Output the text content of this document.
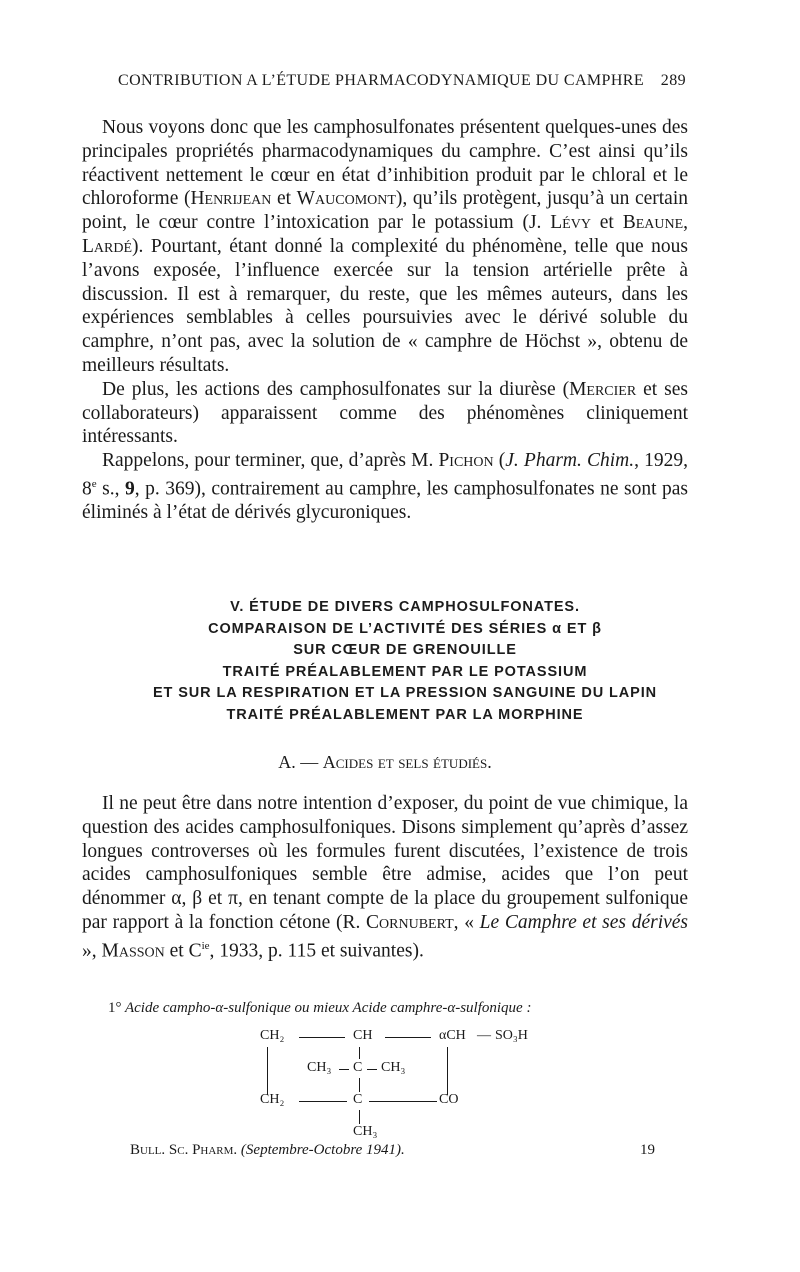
CONTRIBUTION A L’ÉTUDE PHARMACODYNAMIQUE DU CAMPHRE 289

Nous voyons donc que les camphosulfonates présentent quelques-unes des principales propriétés pharmacodynamiques du camphre. C’est ainsi qu’ils réactivent nettement le cœur en état d’inhibition produit par le chloral et le chloroforme (Henrijean et Waucomont), qu’ils protègent, jusqu’à un certain point, le cœur contre l’intoxication par le potassium (J. Lévy et Beaune, Lardé). Pourtant, étant donné la complexité du phénomène, telle que nous l’avons exposée, l’influence exercée sur la tension artérielle prête à discussion. Il est à remarquer, du reste, que les mêmes auteurs, dans les expériences semblables à celles poursuivies avec le dérivé soluble du camphre, n’ont pas, avec la solution de « camphre de Höchst », obtenu de meilleurs résultats.

De plus, les actions des camphosulfonates sur la diurèse (Mercier et ses collaborateurs) apparaissent comme des phénomènes cliniquement intéressants.

Rappelons, pour terminer, que, d’après M. Pichon (J. Pharm. Chim., 1929, 8e s., 9, p. 369), contrairement au camphre, les camphosulfonates ne sont pas éliminés à l’état de dérivés glycuroniques.

V. ÉTUDE DE DIVERS CAMPHOSULFONATES.
COMPARAISON DE L’ACTIVITÉ DES SÉRIES α ET β
SUR CŒUR DE GRENOUILLE
TRAITÉ PRÉALABLEMENT PAR LE POTASSIUM
ET SUR LA RESPIRATION ET LA PRESSION SANGUINE DU LAPIN
TRAITÉ PRÉALABLEMENT PAR LA MORPHINE
A. — Acides et sels étudiés.

Il ne peut être dans notre intention d’exposer, du point de vue chimique, la question des acides camphosulfoniques. Disons simplement qu’après d’assez longues controverses où les formules furent discutées, l’existence de trois acides camphosulfoniques semble être admise, acides que l’on peut dénommer α, β et π, en tenant compte de la place du groupement sulfonique par rapport à la fonction cétone (R. Cornubert, « Le Camphre et ses dérivés », Masson et $C^{ie}$, 1933, p. 115 et suivantes).

1° Acide campho-α-sulfonique ou mieux Acide camphre-α-sulfonique :
CH₂	CH	αCH — SO₃H
CH₃ C CH₃
CH₂	C	CO
CH₃
Bull. Sc. Pharm. (Septembre-Octobre 1941).	19
